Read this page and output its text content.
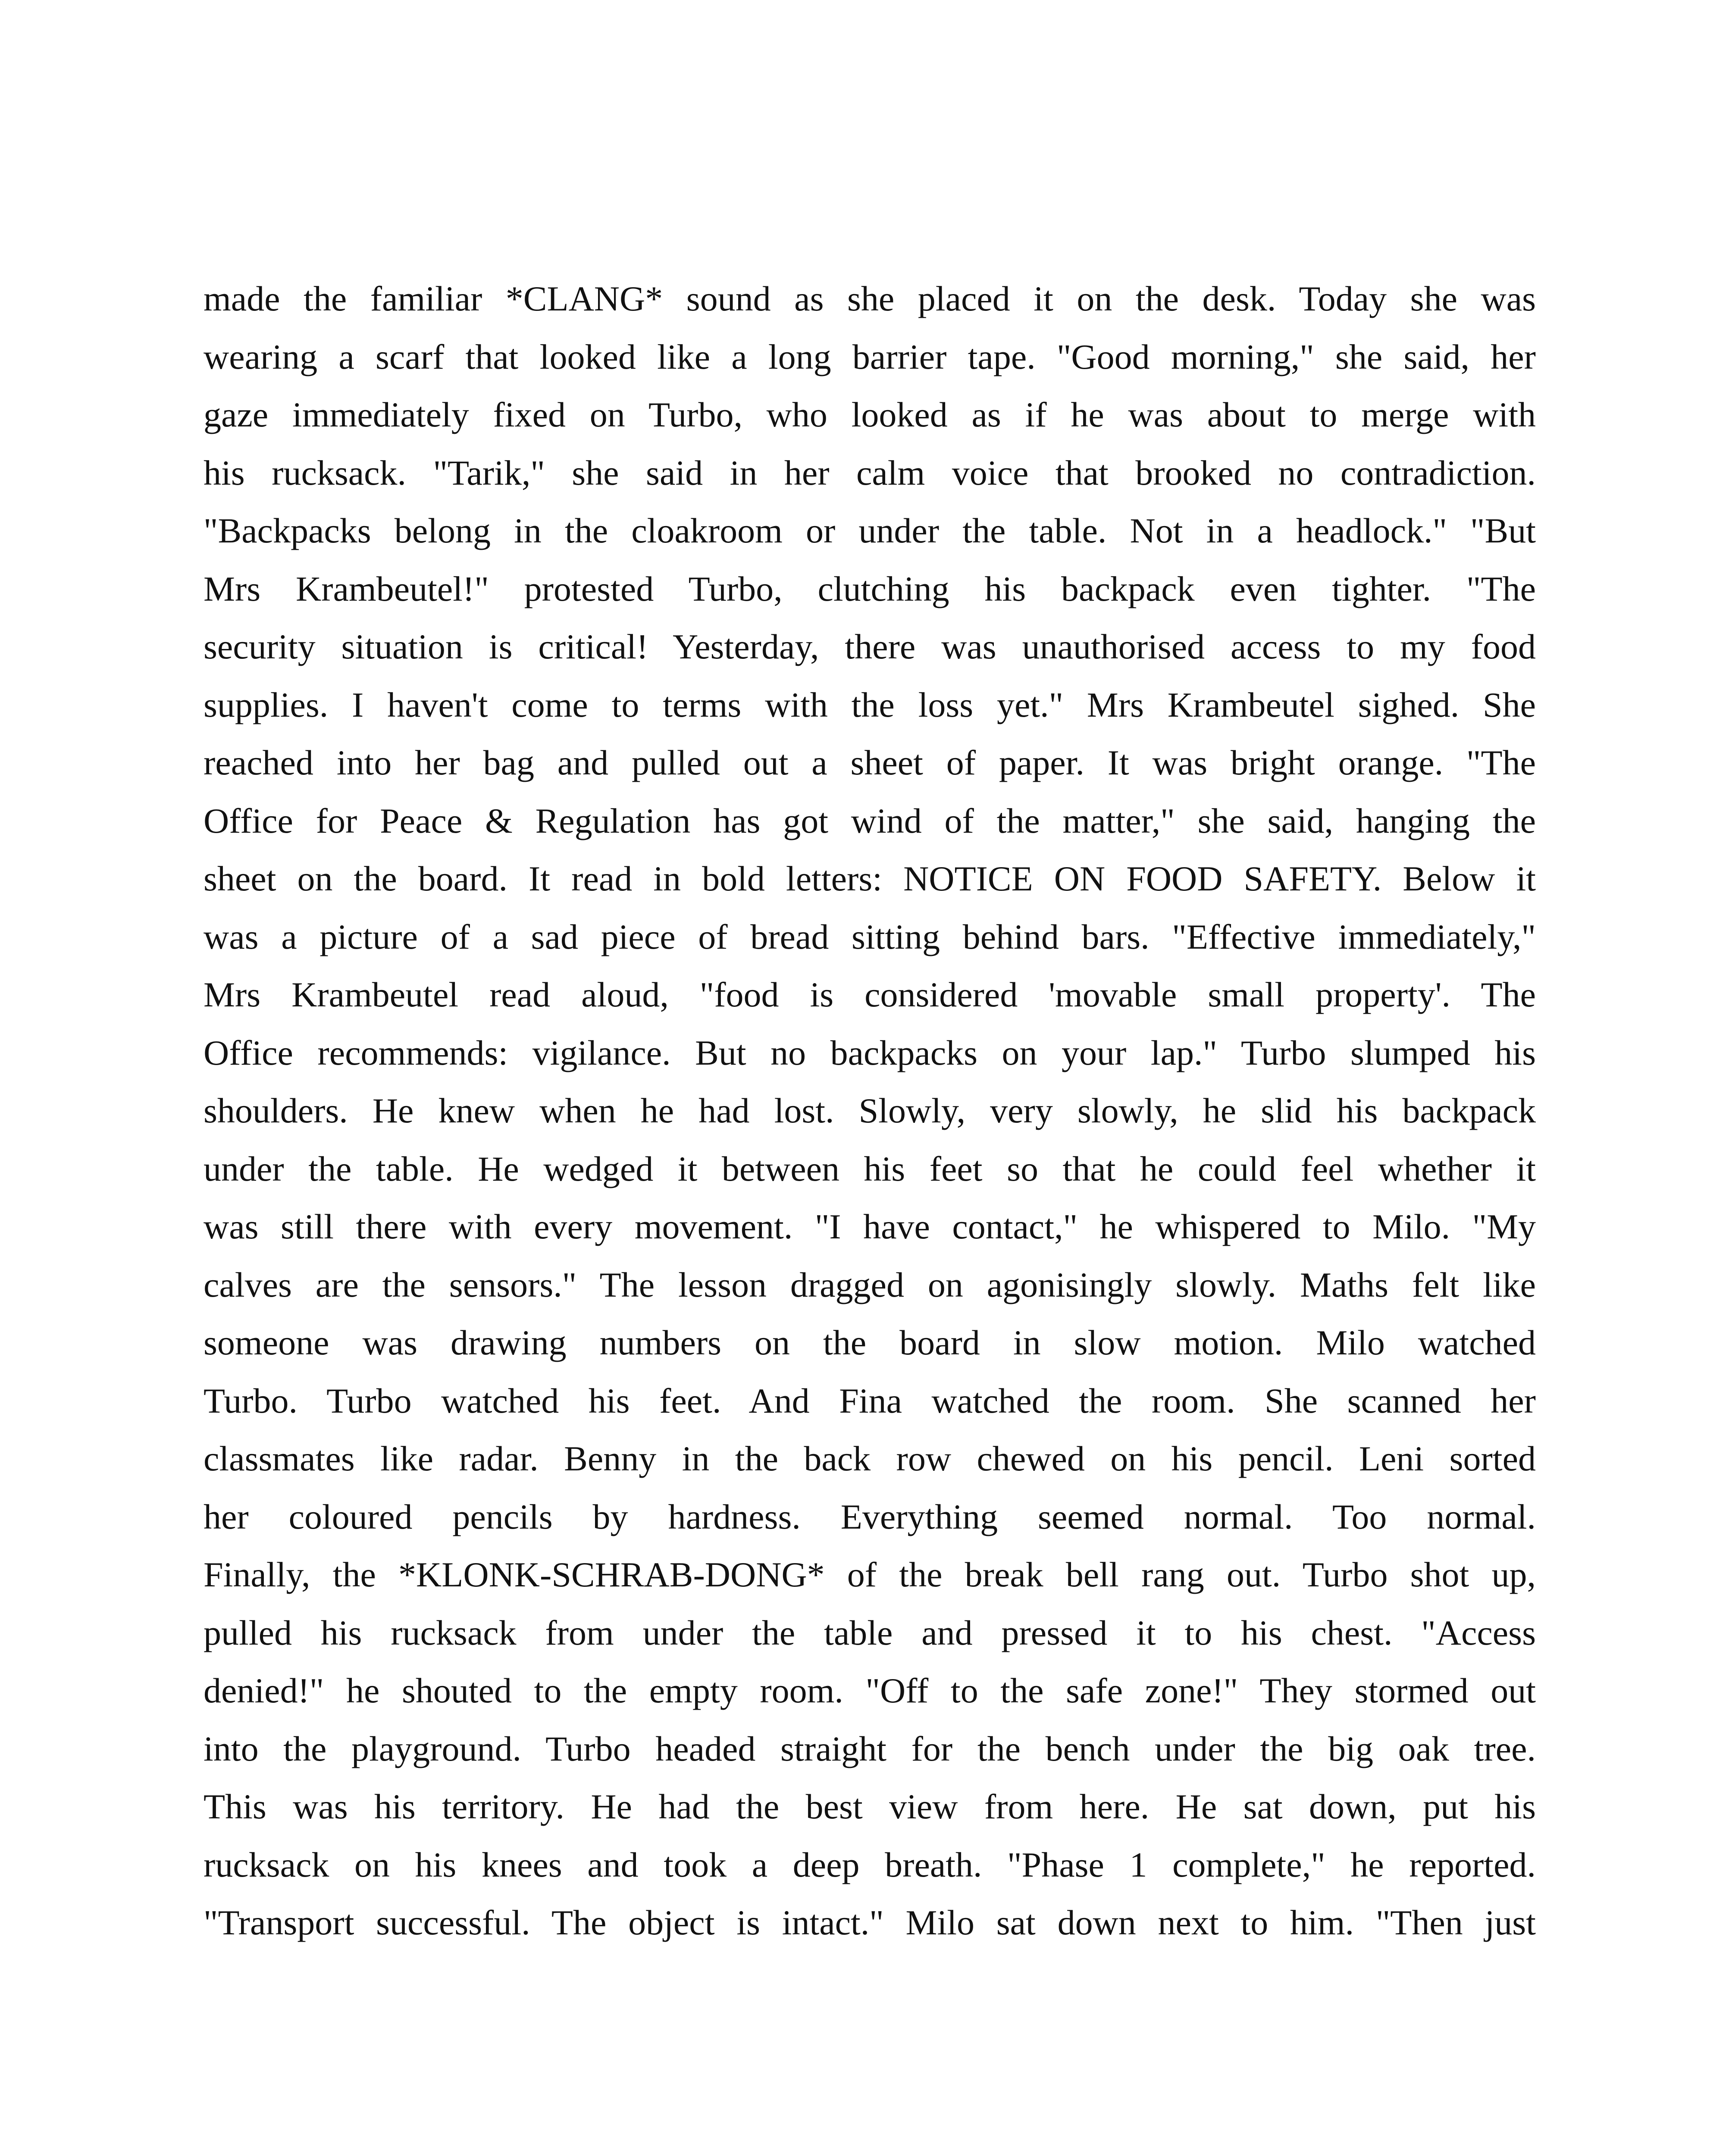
made the familiar *CLANG* sound as she placed it on the desk. Today she was
wearing a scarf that looked like a long barrier tape. "Good morning," she said, her
gaze immediately fixed on Turbo, who looked as if he was about to merge with
his rucksack. "Tarik," she said in her calm voice that brooked no contradiction.
"Backpacks belong in the cloakroom or under the table. Not in a headlock." "But
Mrs Krambeutel!" protested Turbo, clutching his backpack even tighter. "The
security situation is critical! Yesterday, there was unauthorised access to my food
supplies. I haven't come to terms with the loss yet." Mrs Krambeutel sighed. She
reached into her bag and pulled out a sheet of paper. It was bright orange. "The
Office for Peace & Regulation has got wind of the matter," she said, hanging the
sheet on the board. It read in bold letters: NOTICE ON FOOD SAFETY. Below it
was a picture of a sad piece of bread sitting behind bars. "Effective immediately,"
Mrs Krambeutel read aloud, "food is considered 'movable small property'. The
Office recommends: vigilance. But no backpacks on your lap." Turbo slumped his
shoulders. He knew when he had lost. Slowly, very slowly, he slid his backpack
under the table. He wedged it between his feet so that he could feel whether it
was still there with every movement. "I have contact," he whispered to Milo. "My
calves are the sensors." The lesson dragged on agonisingly slowly. Maths felt like
someone was drawing numbers on the board in slow motion. Milo watched
Turbo. Turbo watched his feet. And Fina watched the room. She scanned her
classmates like radar. Benny in the back row chewed on his pencil. Leni sorted
her coloured pencils by hardness. Everything seemed normal. Too normal.
Finally, the *KLONK-SCHRAB-DONG* of the break bell rang out. Turbo shot up,
pulled his rucksack from under the table and pressed it to his chest. "Access
denied!" he shouted to the empty room. "Off to the safe zone!" They stormed out
into the playground. Turbo headed straight for the bench under the big oak tree.
This was his territory. He had the best view from here. He sat down, put his
rucksack on his knees and took a deep breath. "Phase 1 complete," he reported.
"Transport successful. The object is intact." Milo sat down next to him. "Then just
